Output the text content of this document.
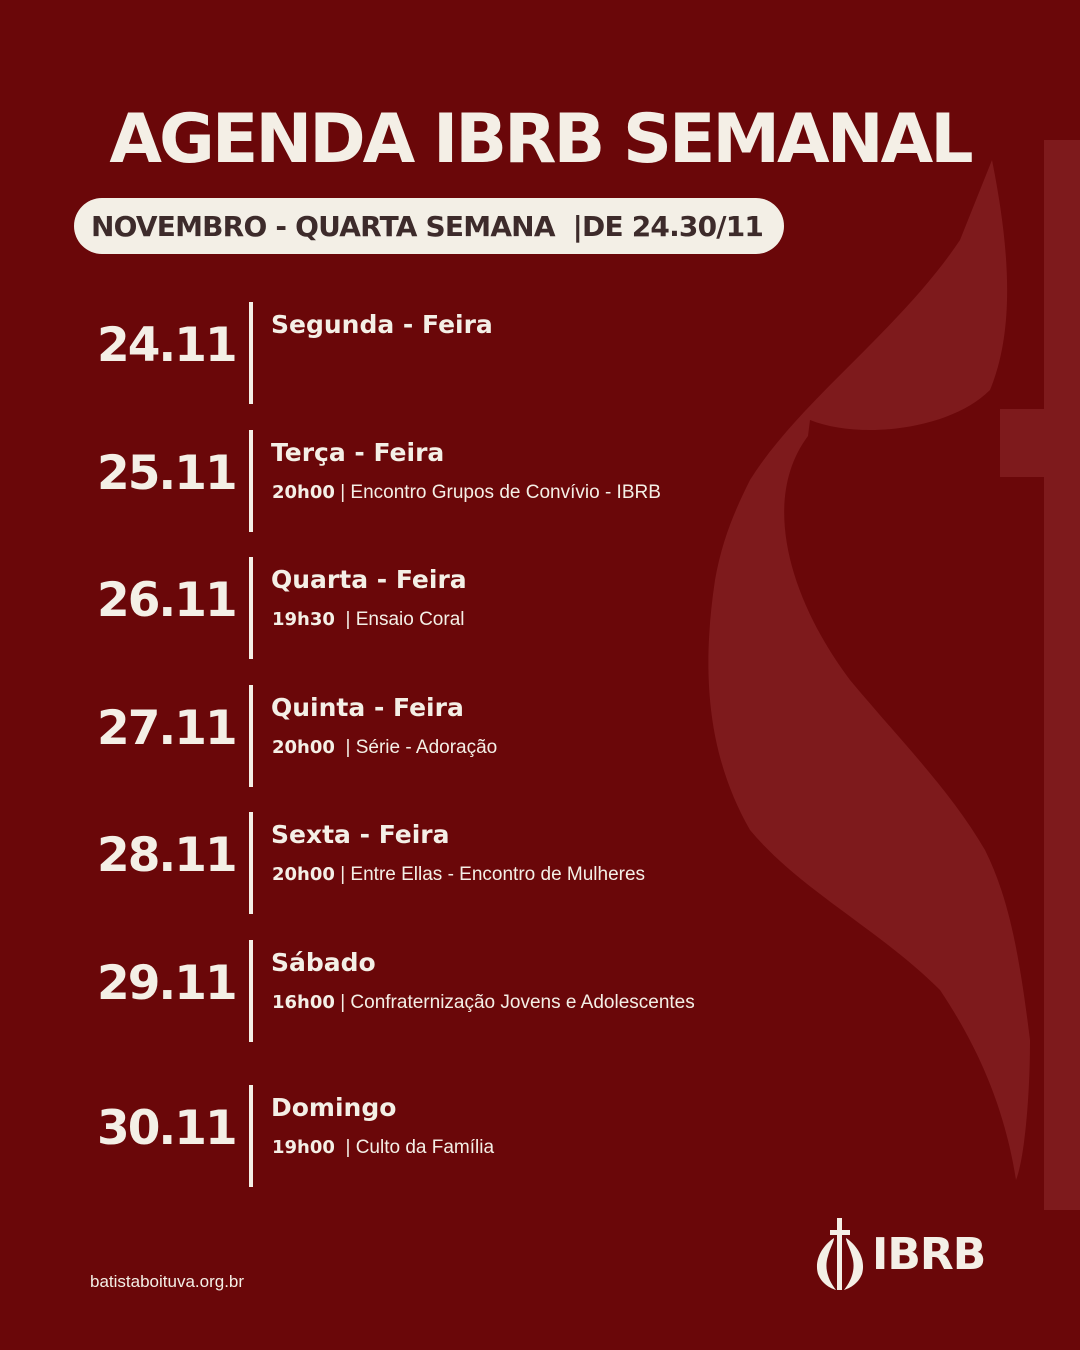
AGENDA IBRB SEMANAL
NOVEMBRO - QUARTA SEMANA  |DE 24.30/11
24.11 Segunda - Feira
25.11 Terça - Feira
20h00 | Encontro Grupos de Convívio - IBRB
26.11 Quarta - Feira
19h30  | Ensaio Coral
27.11 Quinta - Feira
20h00  | Série - Adoração
28.11 Sexta - Feira
20h00 | Entre Ellas - Encontro de Mulheres
29.11 Sábado
16h00 | Confraternização Jovens e Adolescentes
30.11 Domingo
19h00  | Culto da Família
batistaboituva.org.br
IBRB
